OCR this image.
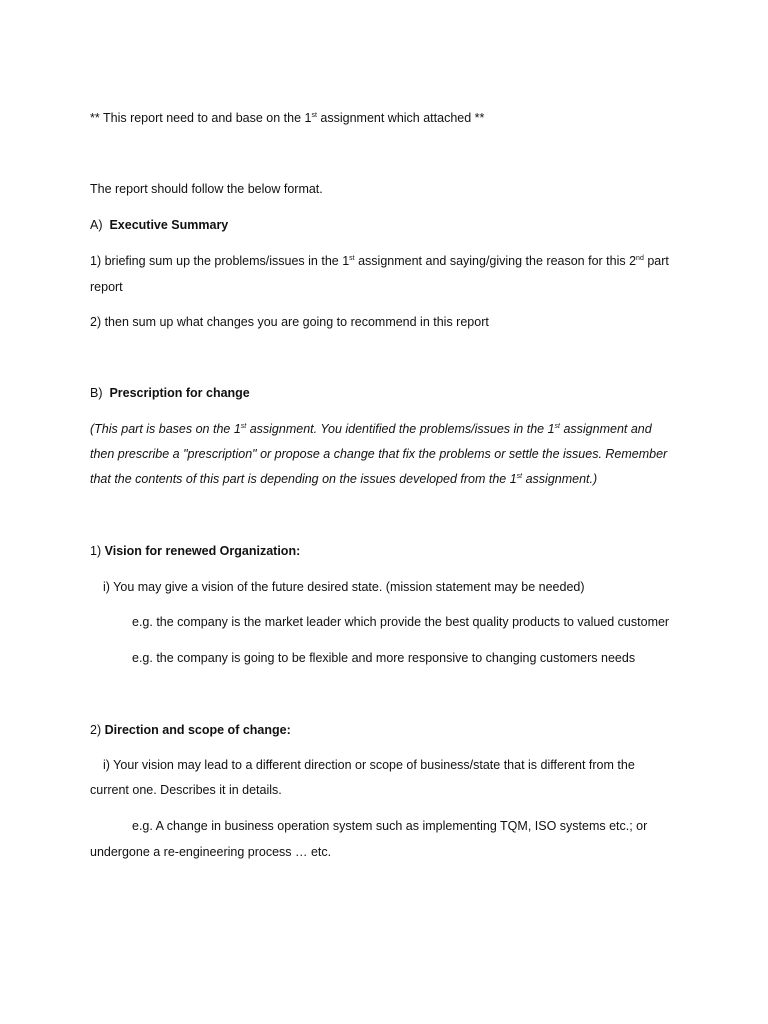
** This report need to and base on the 1st assignment which attached **
The report should follow the below format.
A) Executive Summary
1) briefing sum up the problems/issues in the 1st assignment and saying/giving the reason for this 2nd part
report
2) then sum up what changes you are going to recommend in this report
B) Prescription for change
(This part is bases on the 1st assignment. You identified the problems/issues in the 1st assignment and
then prescribe a "prescription" or propose a change that fix the problems or settle the issues. Remember
that the contents of this part is depending on the issues developed from the 1st assignment.)
1) Vision for renewed Organization:
i) You may give a vision of the future desired state. (mission statement may be needed)
e.g. the company is the market leader which provide the best quality products to valued customer
e.g. the company is going to be flexible and more responsive to changing customers needs
2) Direction and scope of change:
i) Your vision may lead to a different direction or scope of business/state that is different from the
current one. Describes it in details.
e.g. A change in business operation system such as implementing TQM, ISO systems etc.; or
undergone a re-engineering process … etc.
